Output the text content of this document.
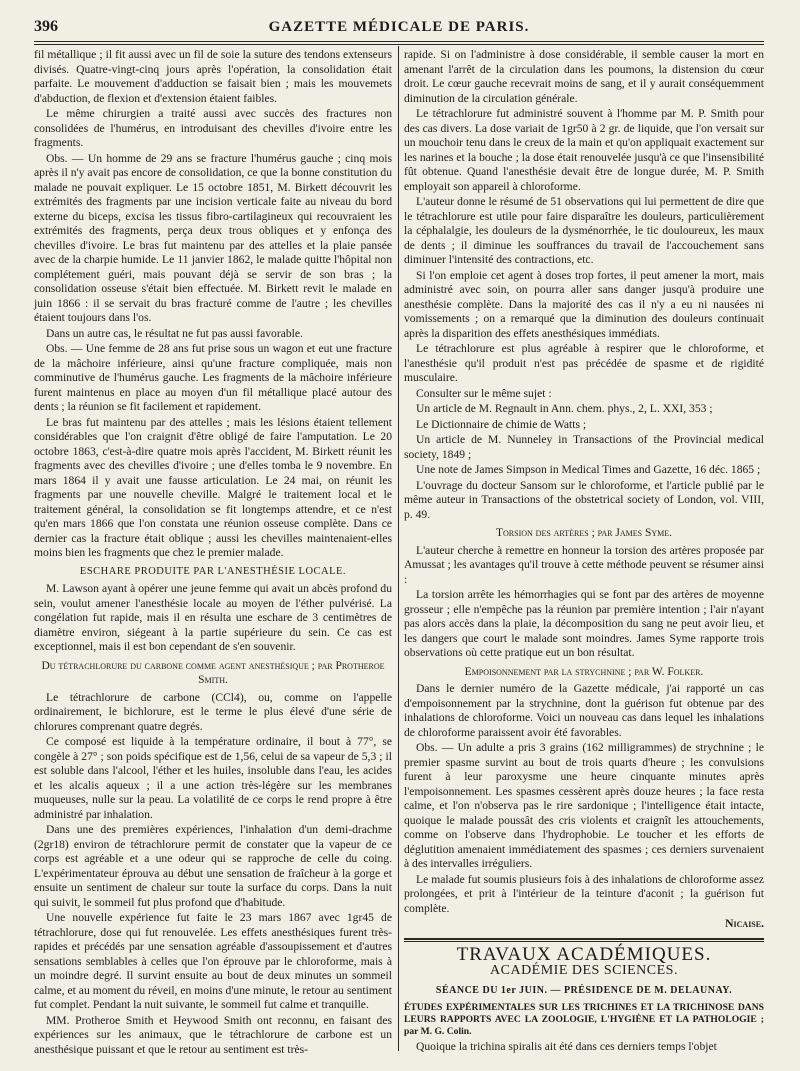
396	GAZETTE MÉDICALE DE PARIS.

fil métallique ; il fit aussi avec un fil de soie la suture des tendons extenseurs divisés. Quatre-vingt-cinq jours après l'opération, la consolidation était parfaite. Le mouvement d'adduction se faisait bien ; mais les mouvemets d'abduction, de flexion et d'extension étaient faibles.

Le même chirurgien a traité aussi avec succès des fractures non consolidées de l'humérus, en introduisant des chevilles d'ivoire entre les fragments.

Obs. — Un homme de 29 ans se fracture l'humérus gauche ; cinq mois après il n'y avait pas encore de consolidation, ce que la bonne constitution du malade ne pouvait expliquer. Le 15 octobre 1851, M. Birkett découvrit les extrémités des fragments par une incision verticale faite au niveau du bord externe du biceps, excisa les tissus fibro-cartilagineux qui recouvraient les extrémités des fragments, perça deux trous obliques et y enfonça des chevilles d'ivoire. Le bras fut maintenu par des attelles et la plaie pansée avec de la charpie humide. Le 11 janvier 1862, le malade quitte l'hôpital non complétement guéri, mais pouvant déjà se servir de son bras ; la consolidation osseuse s'était bien effectuée. M. Birkett revit le malade en juin 1866 : il se servait du bras fracturé comme de l'autre ; les chevilles étaient toujours dans l'os.

Dans un autre cas, le résultat ne fut pas aussi favorable.

Obs. — Une femme de 28 ans fut prise sous un wagon et eut une fracture de la mâchoire inférieure, ainsi qu'une fracture compliquée, mais non comminutive de l'humérus gauche. Les fragments de la mâchoire inférieure furent maintenus en place au moyen d'un fil métallique placé autour des dents ; la réunion se fit facilement et rapidement.

Le bras fut maintenu par des attelles ; mais les lésions étaient tellement considérables que l'on craignit d'être obligé de faire l'amputation. Le 20 octobre 1863, c'est-à-dire quatre mois après l'accident, M. Birkett réunit les fragments avec des chevilles d'ivoire ; une d'elles tomba le 9 novembre. En mars 1864 il y avait une fausse articulation. Le 24 mai, on réunit les fragments par une nouvelle cheville. Malgré le traitement local et le traitement général, la consolidation se fit longtemps attendre, et ce n'est qu'en mars 1866 que l'on constata une réunion osseuse complète. Dans ce dernier cas la fracture était oblique ; aussi les chevilles maintenaient-elles moins bien les fragments que chez le premier malade.

ESCHARE PRODUITE PAR L'ANESTHÉSIE LOCALE.

M. Lawson ayant à opérer une jeune femme qui avait un abcès profond du sein, voulut amener l'anesthésie locale au moyen de l'éther pulvérisé. La congélation fut rapide, mais il en résulta une eschare de 3 centimètres de diamètre environ, siégeant à la partie supérieure du sein. Ce cas est exceptionnel, mais il est bon cependant de s'en souvenir.

Du tétrachlorure du carbone comme agent anesthésique ; par Protheroe Smith.

Le tétrachlorure de carbone (CCl4), ou, comme on l'appelle ordinairement, le bichlorure, est le terme le plus élevé d'une série de chlorures comprenant quatre degrés.

Ce composé est liquide à la température ordinaire, il bout à 77°, se congèle à 27° ; son poids spécifique est de 1,56, celui de sa vapeur de 5,3 ; il est soluble dans l'alcool, l'éther et les huiles, insoluble dans l'eau, les acides et les alcalis aqueux ; il a une action très-légère sur les membranes muqueuses, nulle sur la peau. La volatilité de ce corps le rend propre à être administré par inhalation.

Dans une des premières expériences, l'inhalation d'un demi-drachme (2gr18) environ de tétrachlorure permit de constater que la vapeur de ce corps est agréable et a une odeur qui se rapproche de celle du coing. L'expérimentateur éprouva au début une sensation de fraîcheur à la gorge et ensuite un sentiment de chaleur sur toute la surface du corps. Dans la nuit qui suivit, le sommeil fut plus profond que d'habitude.

Une nouvelle expérience fut faite le 23 mars 1867 avec 1gr45 de tétrachlorure, dose qui fut renouvelée. Les effets anesthésiques furent très-rapides et précédés par une sensation agréable d'assoupissement et d'autres sensations semblables à celles que l'on éprouve par le chloroforme, mais à un moindre degré. Il survint ensuite au bout de deux minutes un sommeil calme, et au moment du réveil, en moins d'une minute, le retour au sentiment fut complet. Pendant la nuit suivante, le sommeil fut calme et tranquille.

MM. Protheroe Smith et Heywood Smith ont reconnu, en faisant des expériences sur les animaux, que le tétrachlorure de carbone est un anesthésique puissant et que le retour au sentiment est très-

rapide. Si on l'administre à dose considérable, il semble causer la mort en amenant l'arrêt de la circulation dans les poumons, la distension du cœur droit. Le cœur gauche recevrait moins de sang, et il y aurait conséquemment diminution de la circulation générale.

Le tétrachlorure fut administré souvent à l'homme par M. P. Smith pour des cas divers. La dose variait de 1gr50 à 2 gr. de liquide, que l'on versait sur un mouchoir tenu dans le creux de la main et qu'on appliquait exactement sur les narines et la bouche ; la dose était renouvelée jusqu'à ce que l'insensibilité fût obtenue. Quand l'anesthésie devait être de longue durée, M. P. Smith employait son appareil à chloroforme.

L'auteur donne le résumé de 51 observations qui lui permettent de dire que le tétrachlorure est utile pour faire disparaître les douleurs, particulièrement la céphalalgie, les douleurs de la dysménorrhée, le tic douloureux, les maux de dents ; il diminue les souffrances du travail de l'accouchement sans diminuer l'intensité des contractions, etc.

Si l'on emploie cet agent à doses trop fortes, il peut amener la mort, mais administré avec soin, on pourra aller sans danger jusqu'à produire une anesthésie complète. Dans la majorité des cas il n'y a eu ni nausées ni vomissements ; on a remarqué que la diminution des douleurs continuait après la disparition des effets anesthésiques immédiats.

Le tétrachlorure est plus agréable à respirer que le chloroforme, et l'anesthésie qu'il produit n'est pas précédée de spasme et de rigidité musculaire.

Consulter sur le même sujet :

Un article de M. Regnault in Ann. chem. phys., 2, L. XXI, 353 ;

Le Dictionnaire de chimie de Watts ;

Un article de M. Nunneley in Transactions of the Provincial medical society, 1849 ;

Une note de James Simpson in Medical Times and Gazette, 16 déc. 1865 ;

L'ouvrage du docteur Sansom sur le chloroforme, et l'article publié par le même auteur in Transactions of the obstetrical society of London, vol. VIII, p. 49.

Torsion des artères ; par James Syme.

L'auteur cherche à remettre en honneur la torsion des artères proposée par Amussat ; les avantages qu'il trouve à cette méthode peuvent se résumer ainsi :

La torsion arrête les hémorrhagies qui se font par des artères de moyenne grosseur ; elle n'empêche pas la réunion par première intention ; l'air n'ayant pas alors accès dans la plaie, la décomposition du sang ne peut avoir lieu, et les dangers que court le malade sont moindres. James Syme rapporte trois observations où cette pratique eut un bon résultat.

Empoisonnement par la strychnine ; par W. Folker.

Dans le dernier numéro de la Gazette médicale, j'ai rapporté un cas d'empoisonnement par la strychnine, dont la guérison fut obtenue par des inhalations de chloroforme. Voici un nouveau cas dans lequel les inhalations de chloroforme paraissent avoir été favorables.

Obs. — Un adulte a pris 3 grains (162 milligrammes) de strychnine ; le premier spasme survint au bout de trois quarts d'heure ; les convulsions furent à leur paroxysme une heure cinquante minutes après l'empoisonnement. Les spasmes cessèrent après douze heures ; la face resta calme, et l'on n'observa pas le rire sardonique ; l'intelligence était intacte, quoique le malade poussât des cris violents et craignît les attouchements, comme on l'observe dans l'hydrophobie. Le toucher et les efforts de déglutition amenaient immédiatement des spasmes ; ces derniers survenaient à des intervalles irréguliers.

Le malade fut soumis plusieurs fois à des inhalations de chloroforme assez prolongées, et prit à l'intérieur de la teinture d'aconit ; la guérison fut complète.

Nicaise.

TRAVAUX ACADÉMIQUES.
ACADÉMIE DES SCIENCES.
SÉANCE DU 1er JUIN. — PRÉSIDENCE DE M. DELAUNAY.
ÉTUDES EXPÉRIMENTALES SUR LES TRICHINES ET LA TRICHINOSE DANS LEURS RAPPORTS AVEC LA ZOOLOGIE, L'HYGIÈNE ET LA PATHOLOGIE ; par M. G. Colin.

Quoique la trichina spiralis ait été dans ces derniers temps l'objet
